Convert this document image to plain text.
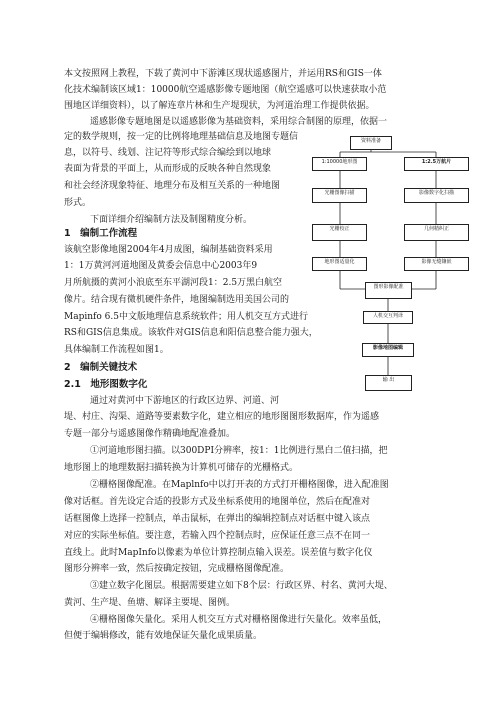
本文按照网上教程，下载了黄河中下游滩区现状遥感图片，并运用RS和GIS一体
化技术编制该区域1：10000航空遥感影像专题地图（航空遥感可以快速获取小范
围地区详细资料），以了解连章片林和生产堤现状，为河道治理工作提供依据。
遥感影像专题地图是以遥感影像为基础资料，采用综合制图的原理，依据一
定的数学规则，按一定的比例将地理基础信息及地图专题信
息，以符号、线划、注记符等形式综合编绘到以地球
表面为背景的平面上，从而形成的反映各种自然现象
和社会经济现象特征、地理分布及相互关系的一种地图
形式。
下面详细介绍编制方法及制图精度分析。
1　编制工作流程
该航空影像地图2004年4月成图，编制基础资料采用
1：1万黄河河道地图及黄委会信息中心2003年9
月所航摄的黄河小浪底至东平湖河段1：2.5万黑白航空
像片。结合现有微机硬件条件，地图编制选用美国公司的
Mapinfo 6.5中文版地理信息系统软件；用人机交互方式进行
RS和GIS信息集成。该软件对GIS信息和阳信息整合能力强大，
具体编制工作流程如图1。
2　编制关键技术
2.1　地形图数字化
通过对黄河中下游地区的行政区边界、河道、河
堤、村庄、沟渠、道路等要素数字化，建立相应的地形图图形数据库，作为遥感
专题一部分与遥感图像作精确地配准叠加。
①河道地形图扫描。以300DPI分辨率，按1：1比例进行黑白二值扫描，把
地形图上的地理数据扫描转换为计算机可储存的光栅格式。
②栅格图像配准。在Maplnfo中以打开表的方式打开栅格图像，进入配准图
像对话框。首先设定合适的投影方式及坐标系使用的地图单位，然后在配准对
话框图像上选择一控制点，单击鼠标，在弹出的编辑控制点对话框中键入该点
对应的实际坐标值。要注意，若输入四个控制点时，应保证任意三点不在同一
直线上。此时MapInfo以像素为单位计算控制点输入误差。误差值与数字化仪
图形分辨率一致，然后按确定按钮，完成栅格图像配准。
③建立数字化图层。根据需要建立如下8个层：行政区界、村名、黄河大堤、
黄河、生产堤、鱼塘、解译主要堤、图例。
④栅格图像矢量化。采用人机交互方式对栅格图像进行矢量化。效率虽低，
但便于编辑修改，能有效地保证矢量化成果质量。
资料准备
1:10000地形图	1:2.5万航片
光栅图像扫描	影像数字化扫描
光栅校正	几何精纠正
地形图适量化	影像无缝镶嵌
图形影像配准
人机交互判译
影像地图编辑
输 出
